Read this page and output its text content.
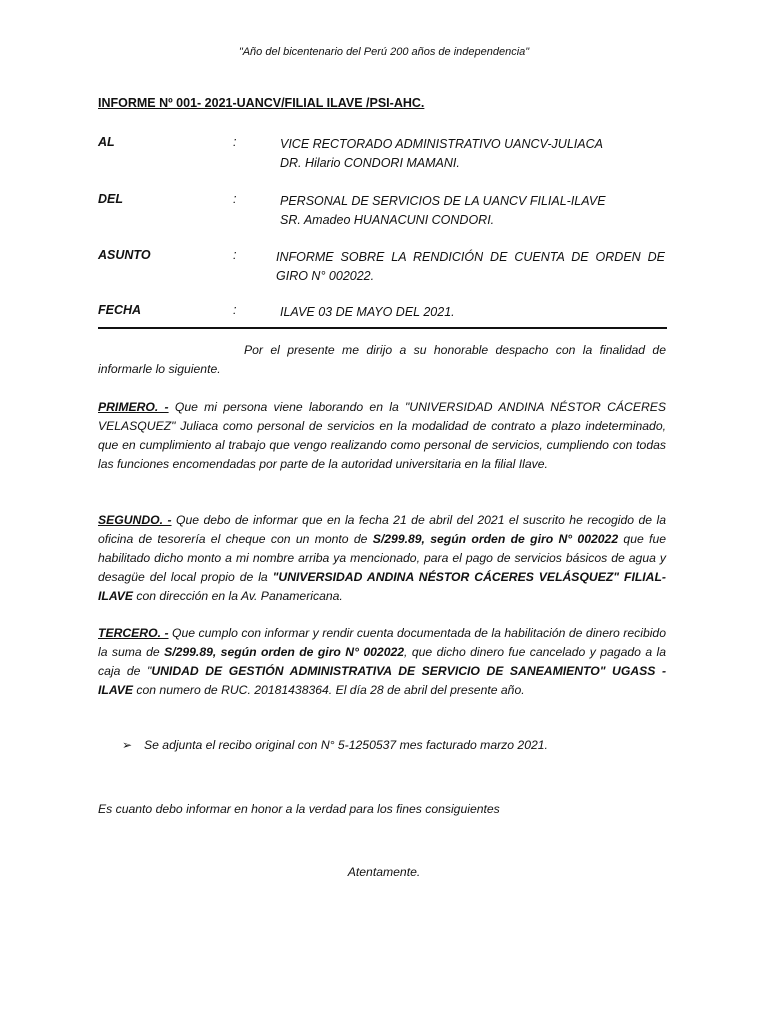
"Año del bicentenario del Perú 200 años de independencia"
INFORME Nº 001- 2021-UANCV/FILIAL ILAVE /PSI-AHC.
AL	:	VICE RECTORADO ADMINISTRATIVO UANCV-JULIACA
DR. Hilario CONDORI MAMANI.
DEL	:	PERSONAL DE SERVICIOS DE LA UANCV FILIAL-ILAVE
SR. Amadeo HUANACUNI CONDORI.
ASUNTO	:	INFORME SOBRE LA RENDICIÓN DE CUENTA DE ORDEN DE GIRO N° 002022.
FECHA	:	ILAVE 03 DE MAYO DEL 2021.
Por el presente me dirijo a su honorable despacho con la finalidad de informarle lo siguiente.
PRIMERO. - Que mi persona viene laborando en la "UNIVERSIDAD ANDINA NÉSTOR CÁCERES VELASQUEZ" Juliaca como personal de servicios en la modalidad de contrato a plazo indeterminado, que en cumplimiento al trabajo que vengo realizando como personal de servicios, cumpliendo con todas las funciones encomendadas por parte de la autoridad universitaria en la filial Ilave.
SEGUNDO. - Que debo de informar que en la fecha 21 de abril del 2021 el suscrito he recogido de la oficina de tesorería el cheque con un monto de S/299.89, según orden de giro N° 002022 que fue habilitado dicho monto a mi nombre arriba ya mencionado, para el pago de servicios básicos de agua y desagüe del local propio de la "UNIVERSIDAD ANDINA NÉSTOR CÁCERES VELÁSQUEZ" FILIAL-ILAVE con dirección en la Av. Panamericana.
TERCERO. - Que cumplo con informar y rendir cuenta documentada de la habilitación de dinero recibido la suma de S/299.89, según orden de giro N° 002022, que dicho dinero fue cancelado y pagado a la caja de "UNIDAD DE GESTIÓN ADMINISTRATIVA DE SERVICIO DE SANEAMIENTO" UGASS -ILAVE con numero de RUC. 20181438364. El día 28 de abril del presente año.
➢ Se adjunta el recibo original con N° 5-1250537 mes facturado marzo 2021.
Es cuanto debo informar en honor a la verdad para los fines consiguientes
Atentamente.
